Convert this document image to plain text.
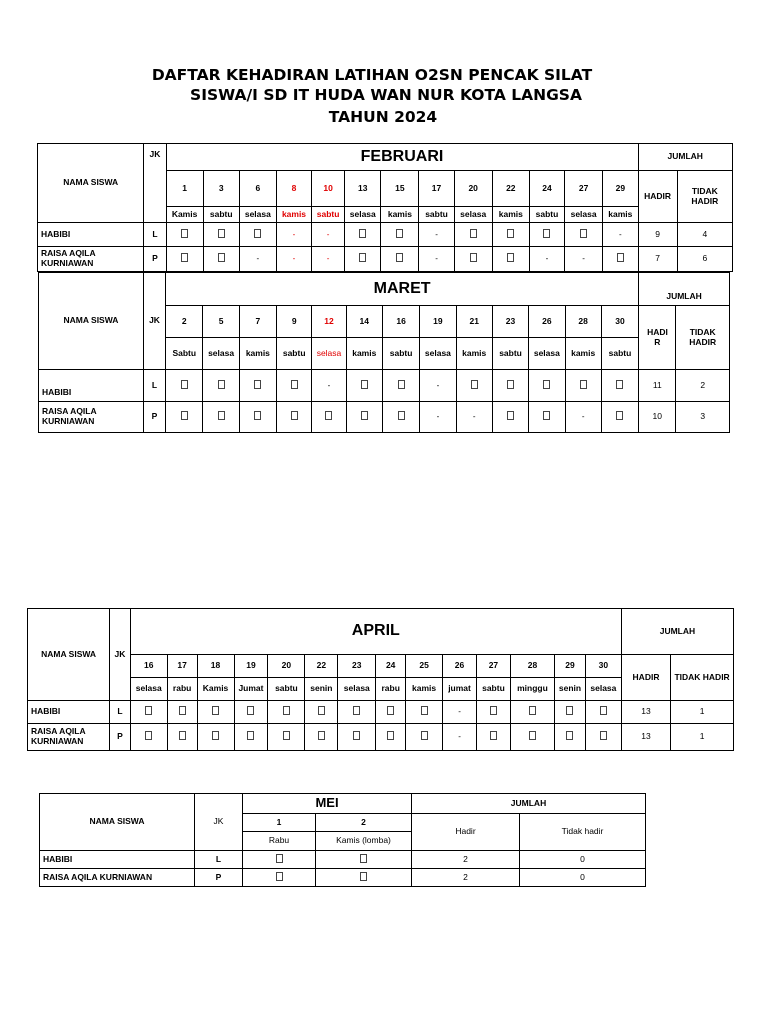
DAFTAR KEHADIRAN LATIHAN O2SN PENCAK SILAT
SISWA/I SD IT HUDA WAN NUR KOTA LANGSA
TAHUN 2024
NAMA SISWA	JK	FEBRUARI													JUMLAH	
		1	3	6	8	10	13	15	17	20	22	24	27	29	HADIR	TIDAK HADIR
		Kamis	sabtu	selasa	kamis	sabtu	selasa	kamis	sabtu	selasa	kamis	sabtu	selasa	kamis		
HABIBI	L				-	-			-					-	9	4
RAISA AQILA KURNIAWAN	P			-	-	-			-			-	-		7	6
NAMA SISWA	JK	MARET													JUMLAH	
		2	5	7	9	12	14	16	19	21	23	26	28	30	HADI R	TIDAK HADIR
		Sabtu	selasa	kamis	sabtu	selasa	kamis	sabtu	selasa	kamis	sabtu	selasa	kamis	sabtu		
HABIBI	L					-			-						11	2
RAISA AQILA KURNIAWAN	P								-	-			-		10	3
NAMA SISWA	JK	APRIL														JUMLAH	
		16	17	18	19	20	22	23	24	25	26	27	28	29	30	HADIR	TIDAK HADIR
		selasa	rabu	Kamis	Jumat	sabtu	senin	selasa	rabu	kamis	jumat	sabtu	minggu	senin	selasa		
HABIBI	L										-					13	1
RAISA AQILA KURNIAWAN	P										-					13	1
NAMA SISWA	JK	MEI		JUMLAH	
		1	2	Hadir	Tidak hadir
		Rabu	Kamis (lomba)		
HABIBI	L			2	0
RAISA AQILA KURNIAWAN	P			2	0
